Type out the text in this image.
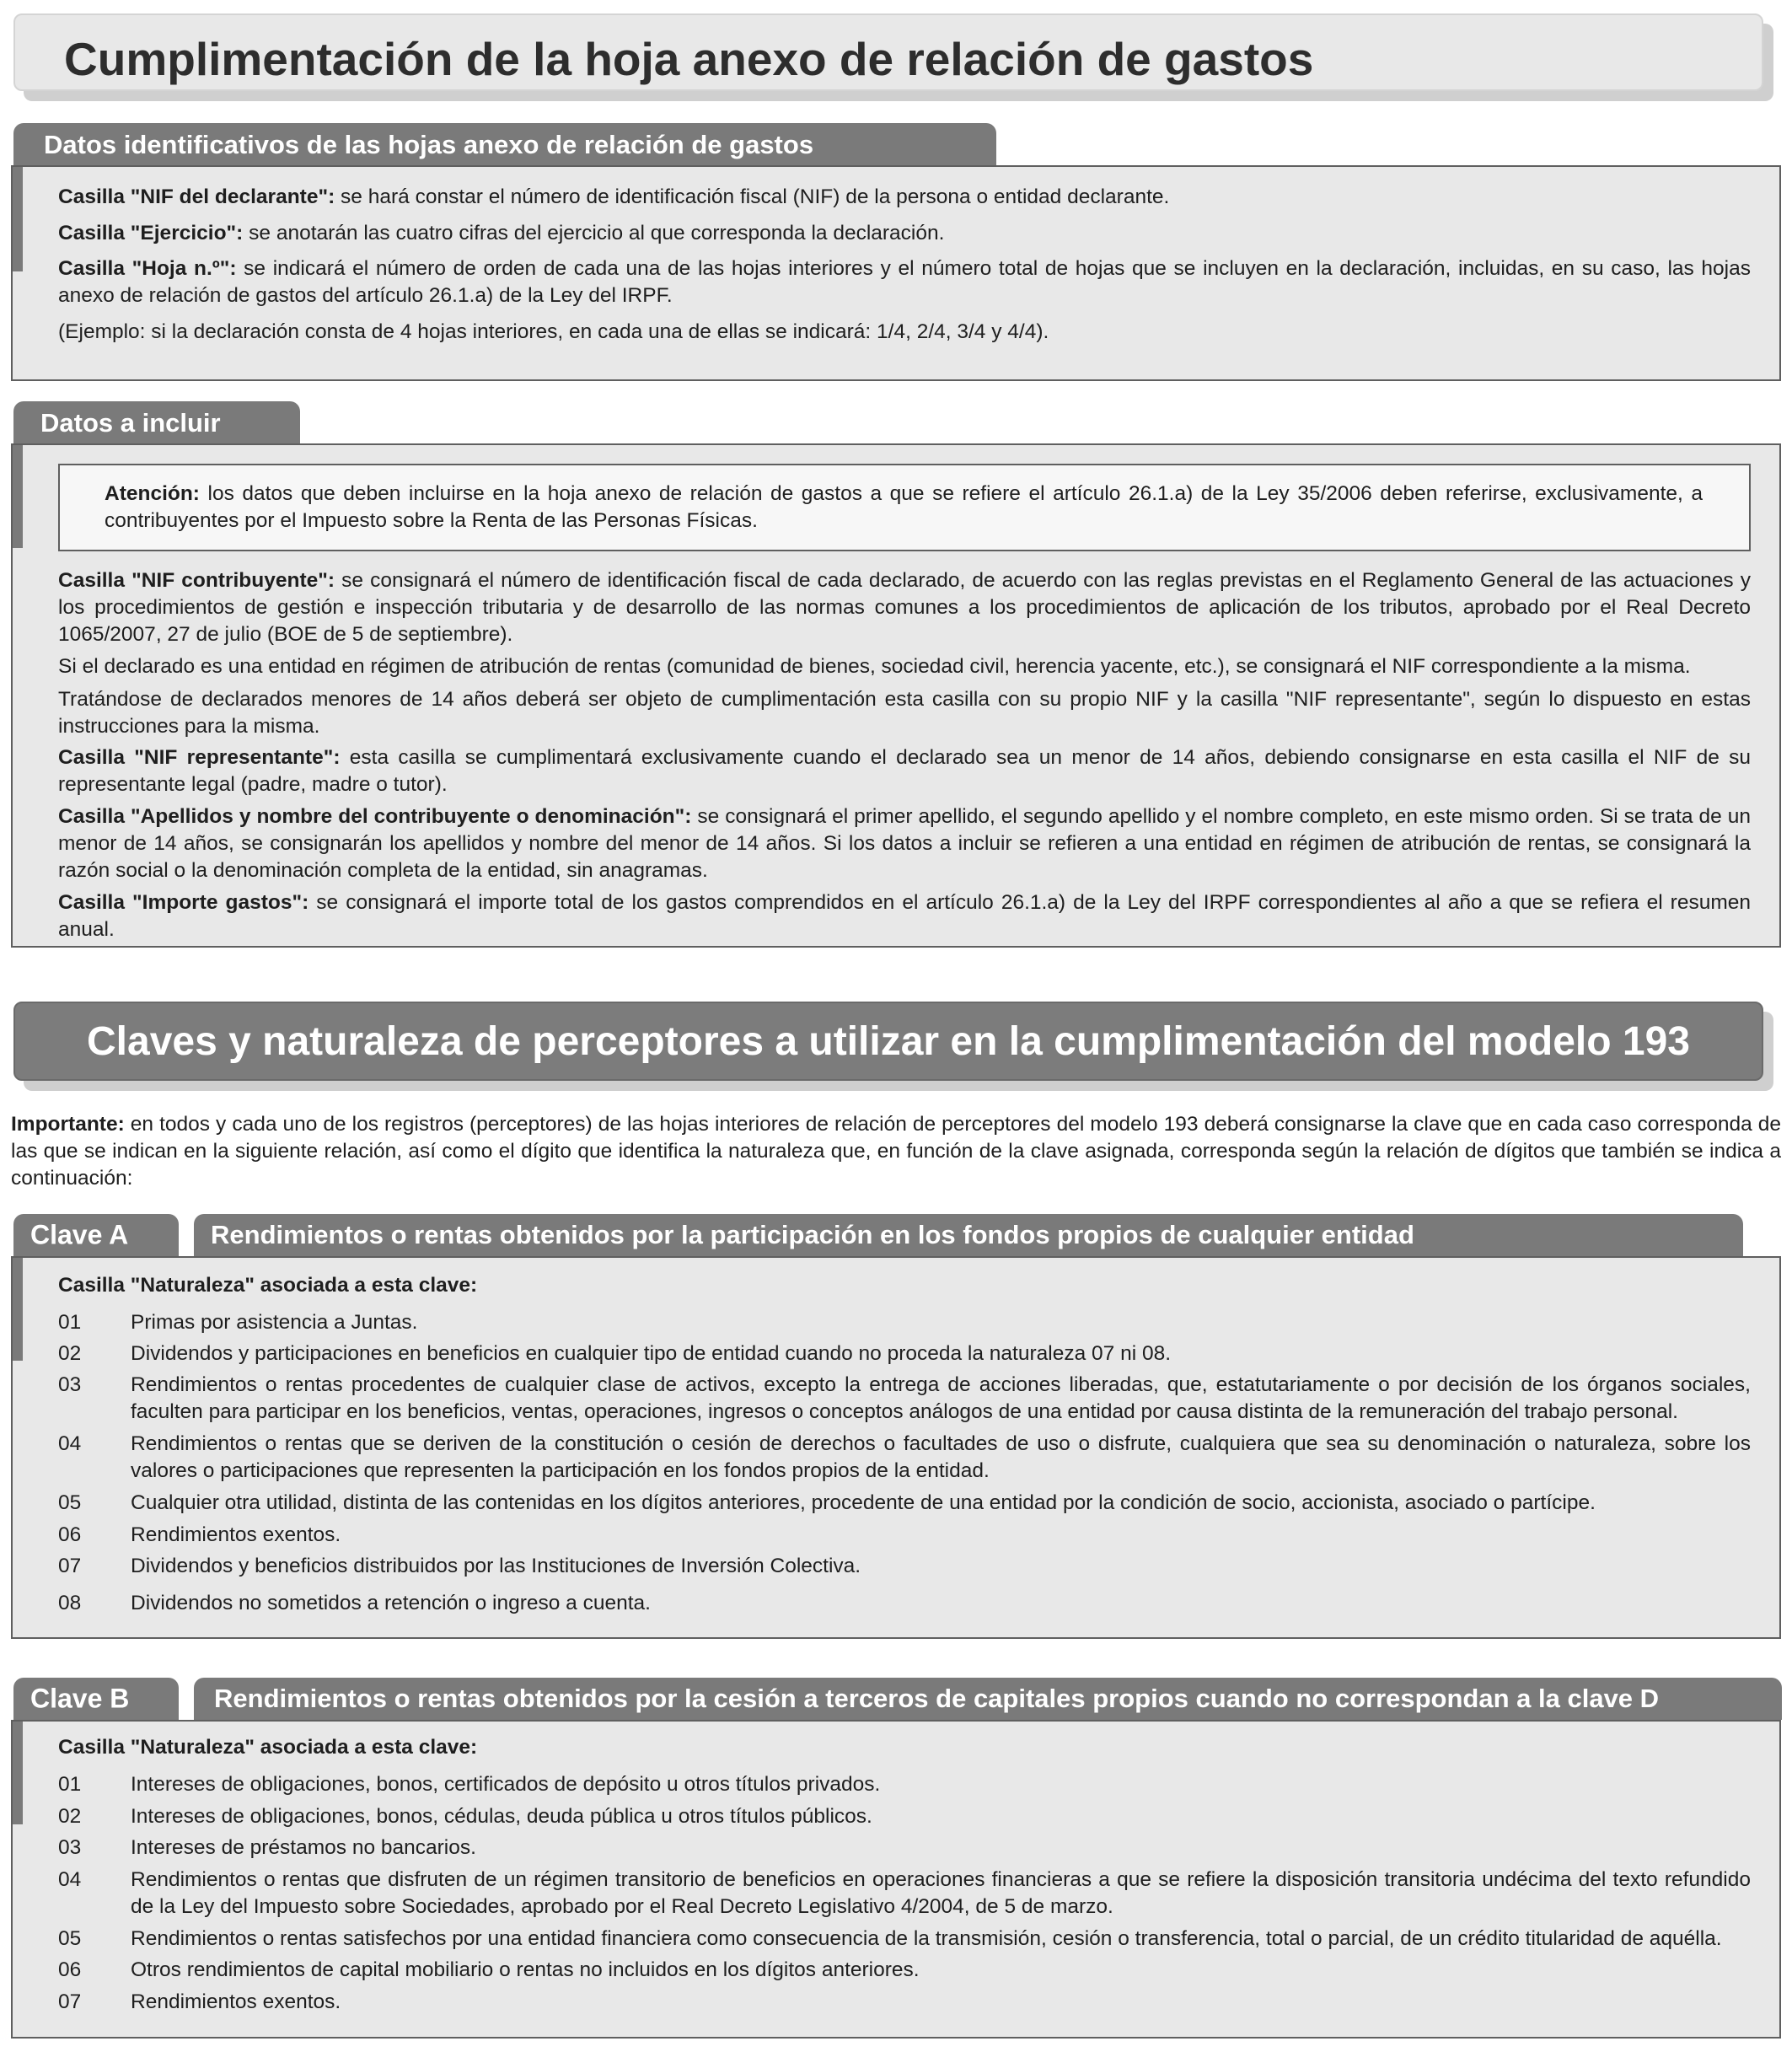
Cumplimentación de la hoja anexo de relación de gastos
Datos identificativos de las hojas anexo de relación de gastos
Casilla "NIF del declarante": se hará constar el número de identificación fiscal (NIF) de la persona o entidad declarante.
Casilla "Ejercicio": se anotarán las cuatro cifras del ejercicio al que corresponda la declaración.
Casilla "Hoja n.º": se indicará el número de orden de cada una de las hojas interiores y el número total de hojas que se incluyen en la declaración, incluidas, en su caso, las hojas anexo de relación de gastos del artículo 26.1.a) de la Ley del IRPF.
(Ejemplo: si la declaración consta de 4 hojas interiores, en cada una de ellas se indicará: 1/4, 2/4, 3/4 y 4/4).
Datos a incluir
Atención: los datos que deben incluirse en la hoja anexo de relación de gastos a que se refiere el artículo 26.1.a) de la Ley 35/2006 deben referirse, exclusivamente, a contribuyentes por el Impuesto sobre la Renta de las Personas Físicas.
Casilla "NIF contribuyente": se consignará el número de identificación fiscal de cada declarado, de acuerdo con las reglas previstas en el Reglamento General de las actuaciones y los procedimientos de gestión e inspección tributaria y de desarrollo de las normas comunes a los procedimientos de aplicación de los tributos, aprobado por el Real Decreto 1065/2007, 27 de julio (BOE de 5 de septiembre).
Si el declarado es una entidad en régimen de atribución de rentas (comunidad de bienes, sociedad civil, herencia yacente, etc.), se consignará el NIF correspondiente a la misma.
Tratándose de declarados menores de 14 años deberá ser objeto de cumplimentación esta casilla con su propio NIF y la casilla "NIF representante", según lo dispuesto en estas instrucciones para la misma.
Casilla "NIF representante": esta casilla se cumplimentará exclusivamente cuando el declarado sea un menor de 14 años, debiendo consignarse en esta casilla el NIF de su representante legal (padre, madre o tutor).
Casilla "Apellidos y nombre del contribuyente o denominación": se consignará el primer apellido, el segundo apellido y el nombre completo, en este mismo orden. Si se trata de un menor de 14 años, se consignarán los apellidos y nombre del menor de 14 años. Si los datos a incluir se refieren a una entidad en régimen de atribución de rentas, se consignará la razón social o la denominación completa de la entidad, sin anagramas.
Casilla "Importe gastos": se consignará el importe total de los gastos comprendidos en el artículo 26.1.a) de la Ley del IRPF correspondientes al año a que se refiera el resumen anual.
Claves y naturaleza de perceptores a utilizar en la cumplimentación del modelo 193
Importante: en todos y cada uno de los registros (perceptores) de las hojas interiores de relación de perceptores del modelo 193 deberá consignarse la clave que en cada caso corresponda de las que se indican en la siguiente relación, así como el dígito que identifica la naturaleza que, en función de la clave asignada, corresponda según la relación de dígitos que también se indica a continuación:
Clave A	Rendimientos o rentas obtenidos por la participación en los fondos propios de cualquier entidad
Casilla "Naturaleza" asociada a esta clave:
01 Primas por asistencia a Juntas.
02 Dividendos y participaciones en beneficios en cualquier tipo de entidad cuando no proceda la naturaleza 07 ni 08.
03 Rendimientos o rentas procedentes de cualquier clase de activos, excepto la entrega de acciones liberadas, que, estatutariamente o por decisión de los órganos sociales, faculten para participar en los beneficios, ventas, operaciones, ingresos o conceptos análogos de una entidad por causa distinta de la remuneración del trabajo personal.
04 Rendimientos o rentas que se deriven de la constitución o cesión de derechos o facultades de uso o disfrute, cualquiera que sea su denominación o naturaleza, sobre los valores o participaciones que representen la participación en los fondos propios de la entidad.
05 Cualquier otra utilidad, distinta de las contenidas en los dígitos anteriores, procedente de una entidad por la condición de socio, accionista, asociado o partícipe.
06 Rendimientos exentos.
07 Dividendos y beneficios distribuidos por las Instituciones de Inversión Colectiva.
08 Dividendos no sometidos a retención o ingreso a cuenta.
Clave B	Rendimientos o rentas obtenidos por la cesión a terceros de capitales propios cuando no correspondan a la clave D
Casilla "Naturaleza" asociada a esta clave:
01 Intereses de obligaciones, bonos, certificados de depósito u otros títulos privados.
02 Intereses de obligaciones, bonos, cédulas, deuda pública u otros títulos públicos.
03 Intereses de préstamos no bancarios.
04 Rendimientos o rentas que disfruten de un régimen transitorio de beneficios en operaciones financieras a que se refiere la disposición transitoria undécima del texto refundido de la Ley del Impuesto sobre Sociedades, aprobado por el Real Decreto Legislativo 4/2004, de 5 de marzo.
05 Rendimientos o rentas satisfechos por una entidad financiera como consecuencia de la transmisión, cesión o transferencia, total o parcial, de un crédito titularidad de aquélla.
06 Otros rendimientos de capital mobiliario o rentas no incluidos en los dígitos anteriores.
07 Rendimientos exentos.
